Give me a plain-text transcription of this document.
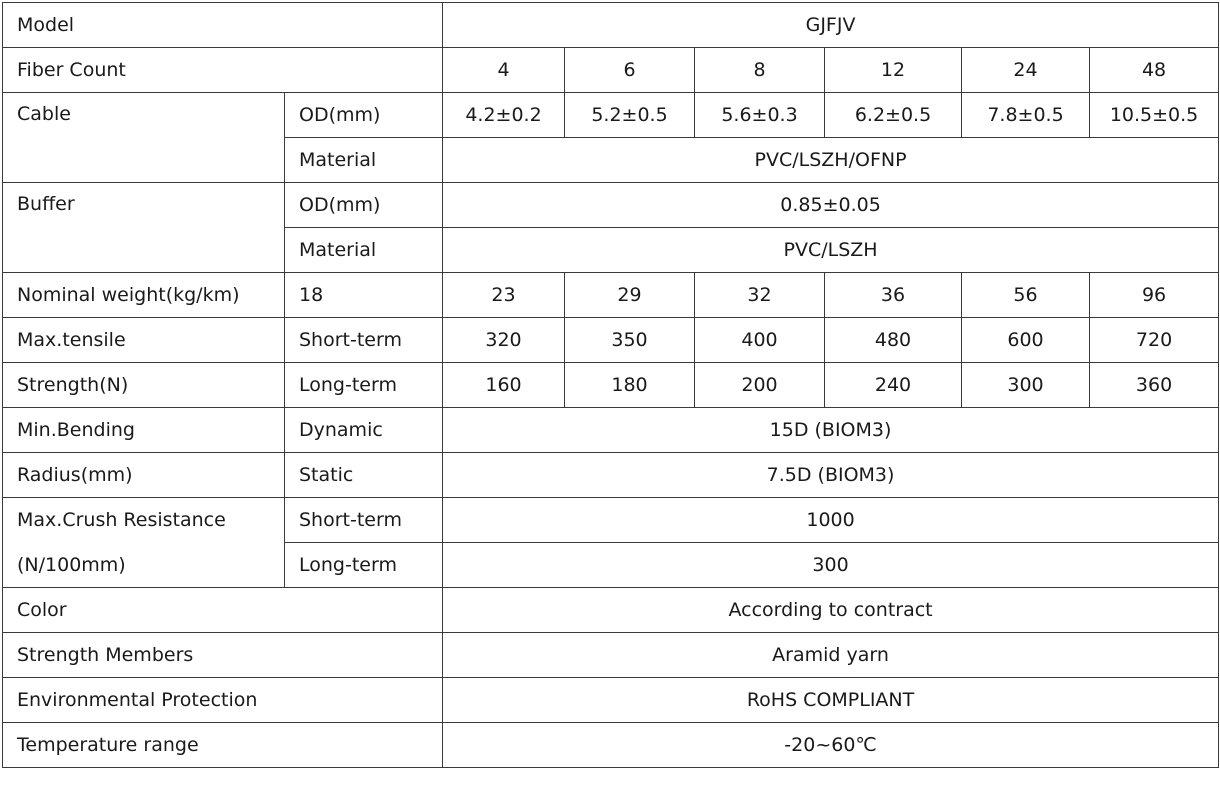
Model		GJFJV					
Fiber Count		4	6	8	12	24	48
Cable	OD(mm)	4.2±0.2	5.2±0.5	5.6±0.3	6.2±0.5	7.8±0.5	10.5±0.5
	Material	PVC/LSZH/OFNP					
Buffer	OD(mm)	0.85±0.05					
	Material	PVC/LSZH					
Nominal weight(kg/km)	18	23	29	32	36	56	96
Max.tensile	Short-term	320	350	400	480	600	720
Strength(N)	Long-term	160	180	200	240	300	360
Min.Bending	Dynamic	15D (BIOM3)					
Radius(mm)	Static	7.5D (BIOM3)					
Max.Crush Resistance	Short-term	1000					
(N/100mm)	Long-term	300					
Color		According to contract					
Strength Members		Aramid yarn					
Environmental Protection		RoHS COMPLIANT					
Temperature range		-20~60℃					
